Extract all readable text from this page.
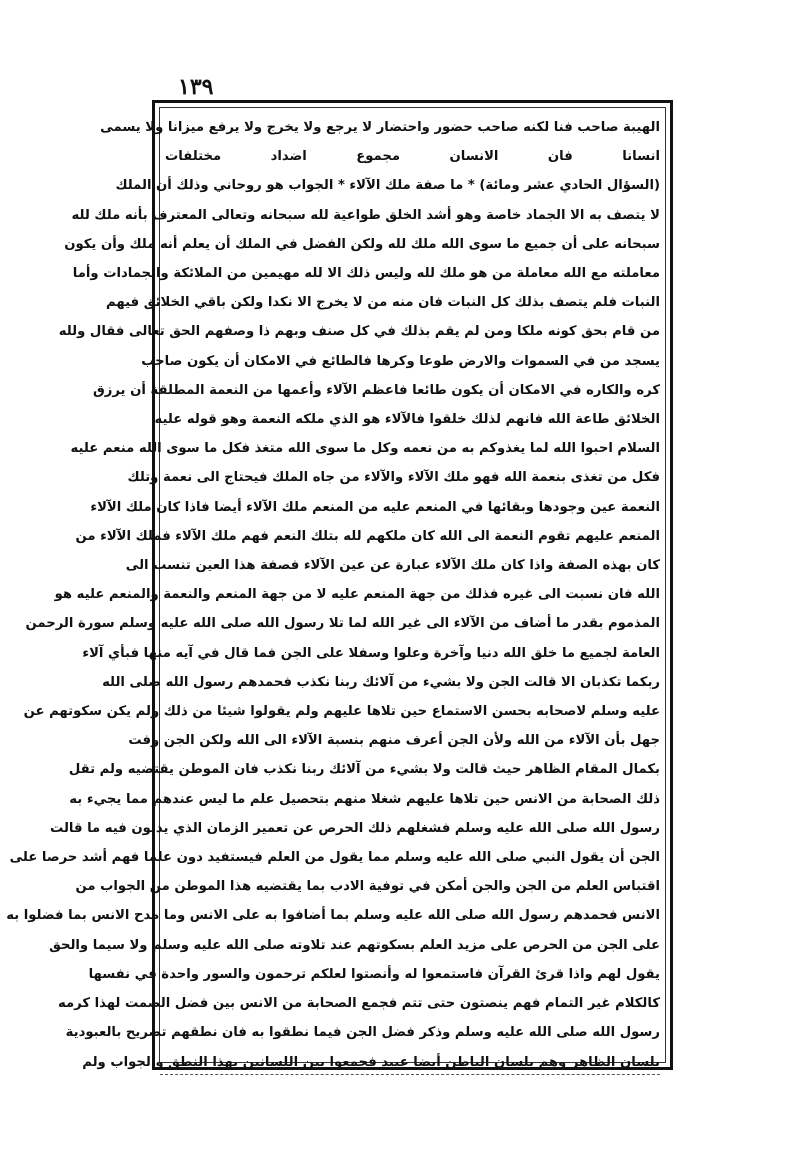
١٣٩
الهيبة صاحب فنا لكنه صاحب حضور واحتضار لا يرجع ولا يخرج ولا يرفع ميزانا ولا يسمى
انسانا فان الانسان مجموع اضداد مختلفات
(السؤال الحادي عشر ومائة) * ما صفة ملك الآلاء * الجواب هو روحاني وذلك أن الملك
لا يتصف به الا الجماد خاصة وهو أشد الخلق طواعية لله سبحانه وتعالى المعترف بأنه ملك لله
سبحانه على أن جميع ما سوى الله ملك لله ولكن الفضل في الملك أن يعلم أنه ملك وأن يكون
معاملته مع الله معاملة من هو ملك لله وليس ذلك الا لله مهيمين من الملائكة والجمادات وأما
النبات فلم يتصف بذلك كل النبات فان منه من لا يخرج الا نكدا ولكن باقي الخلائق فيهم
من قام بحق كونه ملكا ومن لم يقم بذلك في كل صنف وبهم ذا وصفهم الحق تعالى فقال ولله
يسجد من في السموات والارض طوعا وكرها فالطائع في الامكان أن يكون صاحب
كره والكاره في الامكان أن يكون طائعا فاعظم الآلاء وأعمها من النعمة المطلقة أن يرزق
الخلائق طاعة الله فانهم لذلك خلقوا فالآلاء هو الذي ملكه النعمة وهو قوله عليه
السلام احبوا الله لما يغذوكم به من نعمه وكل ما سوى الله متغذ فكل ما سوى الله منعم عليه
فكل من تغذى بنعمة الله فهو ملك الآلاء والآلاء من جاه الملك فيحتاج الى نعمة وتلك
النعمة عين وجودها وبقائها في المنعم عليه من المنعم ملك الآلاء أيضا فاذا كان ملك الآلاء
المنعم عليهم تقوم النعمة الى الله كان ملكهم لله بتلك النعم فهم ملك الآلاء فملك الآلاء من
كان بهذه الصفة واذا كان ملك الآلاء عبارة عن عين الآلاء فصفة هذا العين تنسب الى
الله فان نسبت الى غيره فذلك من جهة المنعم عليه لا من جهة المنعم والنعمة والمنعم عليه هو
المذموم بقدر ما أضاف من الآلاء الى غير الله لما تلا رسول الله صلى الله عليه وسلم سورة الرحمن
العامة لجميع ما خلق الله دنيا وآخرة وعلوا وسفلا على الجن فما قال في آيه منها فبأي آلاء
ربكما تكذبان الا قالت الجن ولا بشيء من آلائك ربنا نكذب فحمدهم رسول الله صلى الله
عليه وسلم لاصحابه بحسن الاستماع حين تلاها عليهم ولم يقولوا شيئا من ذلك ولم يكن سكوتهم عن
جهل بأن الآلاء من الله ولأن الجن أعرف منهم بنسبة الآلاء الى الله ولكن الجن وفت
بكمال المقام الظاهر حيث قالت ولا بشيء من آلائك ربنا نكذب فان الموطن يقتضيه ولم تقل
ذلك الصحابة من الانس حين تلاها عليهم شغلا منهم بتحصيل علم ما ليس عندهم مما يجيء به
رسول الله صلى الله عليه وسلم فشغلهم ذلك الحرص عن تعمير الزمان الذي يدلون فيه ما قالت
الجن أن يقول النبي صلى الله عليه وسلم مما يقول من العلم فيستفيد دون علما فهم أشد حرصا على
اقتباس العلم من الجن والجن أمكن في توفية الادب بما يقتضيه هذا الموطن من الجواب من
الانس فحمدهم رسول الله صلى الله عليه وسلم بما أضافوا به على الانس وما مدح الانس بما فضلوا به
على الجن من الحرص على مزيد العلم بسكوتهم عند تلاوته صلى الله عليه وسلم ولا سيما والحق
يقول لهم واذا قرئ القرآن فاستمعوا له وأنصتوا لعلكم ترحمون والسور واحدة في نفسها
كالكلام غير التمام فهم ينصتون حتى تتم فجمع الصحابة من الانس بين فضل الصمت لهذا كرمه
رسول الله صلى الله عليه وسلم وذكر فضل الجن فيما نطقوا به فان نطقهم تصريح بالعبودية
بلسان الظاهر وهم بلسان الباطن أيضا عبيد فجمعوا بين اللسانين بهذا النطق والجواب ولم
